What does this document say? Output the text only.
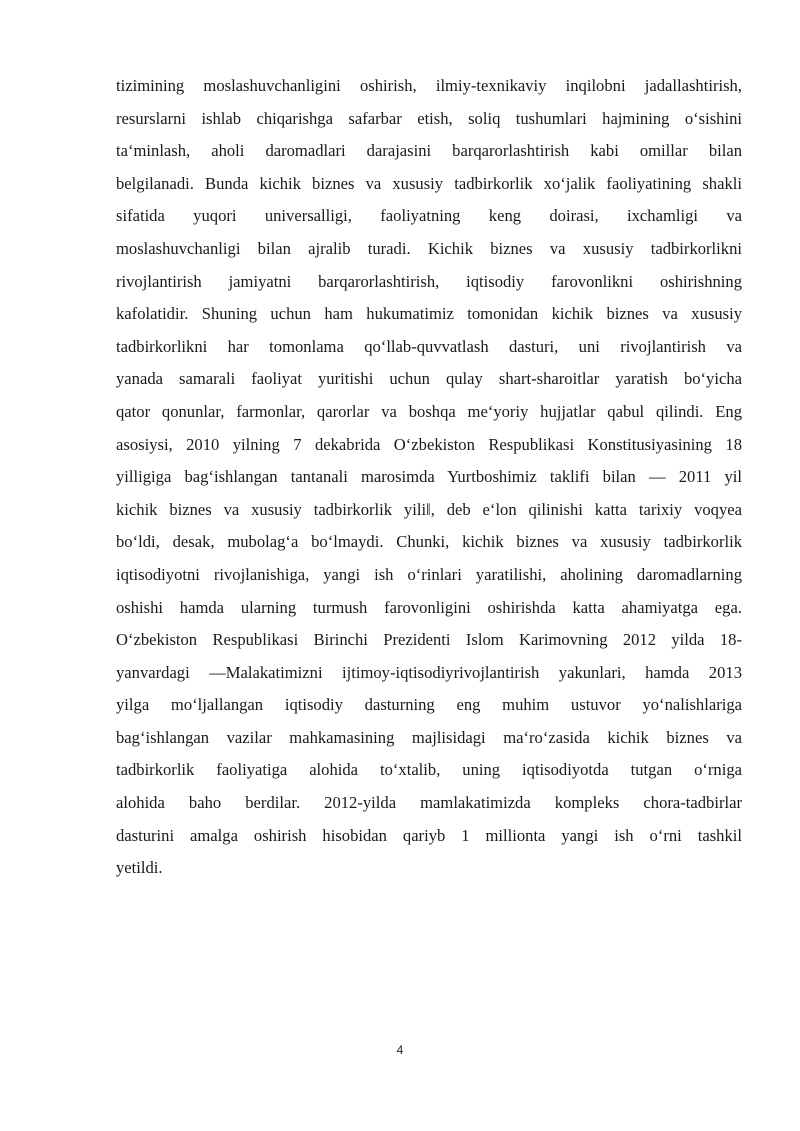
tizimining moslashuvchanligini oshirish, ilmiy-texnikaviy inqilobni jadallashtirish,
resurslarni ishlab chiqarishga safarbar etish, soliq tushumlari hajmining o‘sishini
ta‘minlash, aholi daromadlari darajasini barqarorlashtirish kabi omillar bilan
belgilanadi. Bunda kichik biznes va xususiy tadbirkorlik xo‘jalik faoliyatining shakli
sifatida yuqori universalligi, faoliyatning keng doirasi, ixchamligi va
moslashuvchanligi bilan ajralib turadi. Kichik biznes va xususiy tadbirkorlikni
rivojlantirish jamiyatni barqarorlashtirish, iqtisodiy farovonlikni oshirishning
kafolatidir. Shuning uchun ham hukumatimiz tomonidan kichik biznes va xususiy
tadbirkorlikni har tomonlama qo‘llab-quvvatlash dasturi, uni rivojlantirish va
yanada samarali faoliyat yuritishi uchun qulay shart-sharoitlar yaratish bo‘yicha
qator qonunlar, farmonlar, qarorlar va boshqa me‘yoriy hujjatlar qabul qilindi. Eng
asosiysi, 2010 yilning 7 dekabrida O‘zbekiston Respublikasi Konstitusiyasining 18
yilligiga bag‘ishlangan tantanali marosimda Yurtboshimiz taklifi bilan ― 2011 yil
kichik biznes va xususiy tadbirkorlik yili‖, deb e‘lon qilinishi katta tarixiy voqyea
bo‘ldi, desak, mubolag‘a bo‘lmaydi. Chunki, kichik biznes va xususiy tadbirkorlik
iqtisodiyotni rivojlanishiga, yangi ish o‘rinlari yaratilishi, aholining daromadlarning
oshishi hamda ularning turmush farovonligini oshirishda katta ahamiyatga ega.
O‘zbekiston Respublikasi Birinchi Prezidenti Islom Karimovning 2012 yilda 18-
yanvardagi ―Malakatimizni ijtimoy-iqtisodiyrivojlantirish yakunlari, hamda 2013
yilga mo‘ljallangan iqtisodiy dasturning eng muhim ustuvor yo‘nalishlariga
bag‘ishlangan vazilar mahkamasining majlisidagi ma‘ro‘zasida kichik biznes va
tadbirkorlik faoliyatiga alohida to‘xtalib, uning iqtisodiyotda tutgan o‘rniga
alohida baho berdilar. 2012-yilda mamlakatimizda kompleks chora-tadbirlar
dasturini amalga oshirish hisobidan qariyb 1 millionta yangi ish o‘rni tashkil
yetildi.
4
